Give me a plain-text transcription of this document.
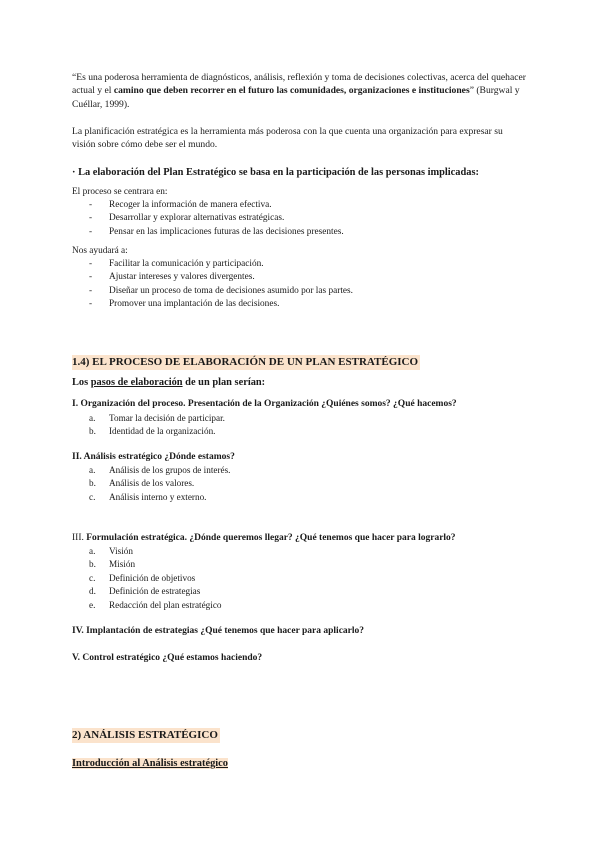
“Es una poderosa herramienta de diagnósticos, análisis, reflexión y toma de decisiones colectivas, acerca del quehacer actual y el camino que deben recorrer en el futuro las comunidades, organizaciones e instituciones” (Burgwal y Cuéllar, 1999).

La planificación estratégica es la herramienta más poderosa con la que cuenta una organización para expresar su visión sobre cómo debe ser el mundo.

· La elaboración del Plan Estratégico se basa en la participación de las personas implicadas:
El proceso se centrara en:
- Recoger la información de manera efectiva.
- Desarrollar y explorar alternativas estratégicas.
- Pensar en las implicaciones futuras de las decisiones presentes.
Nos ayudará a:
- Facilitar la comunicación y participación.
- Ajustar intereses y valores divergentes.
- Diseñar un proceso de toma de decisiones asumido por las partes.
- Promover una implantación de las decisiones.
1.4) EL PROCESO DE ELABORACIÓN DE UN PLAN ESTRATÉGICO
Los pasos de elaboración de un plan serían:
I. Organización del proceso. Presentación de la Organización ¿Quiénes somos? ¿Qué hacemos?
a. Tomar la decisión de participar.
b. Identidad de la organización.
II. Análisis estratégico ¿Dónde estamos?
a. Análisis de los grupos de interés.
b. Análisis de los valores.
c. Análisis interno y externo.
III. Formulación estratégica. ¿Dónde queremos llegar? ¿Qué tenemos que hacer para lograrlo?
a. Visión
b. Misión
c. Definición de objetivos
d. Definición de estrategias
e. Redacción del plan estratégico
IV. Implantación de estrategias ¿Qué tenemos que hacer para aplicarlo?
V. Control estratégico ¿Qué estamos haciendo?
2) ANÁLISIS ESTRATÉGICO
Introducción al Análisis estratégico
